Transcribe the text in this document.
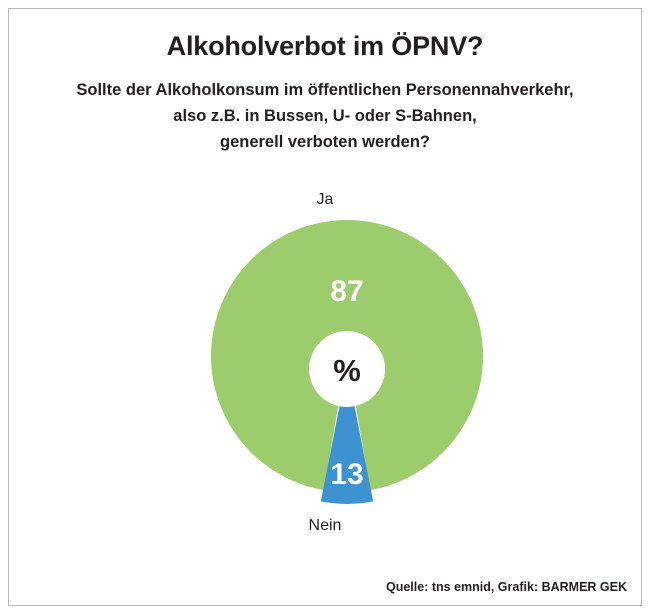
Alkoholverbot im ÖPNV?
Sollte der Alkoholkonsum im öffentlichen Personennahverkehr,
also z.B. in Bussen, U- oder S-Bahnen,
generell verboten werden?
Ja
%
87
13
Nein
Quelle: tns emnid, Grafik: BARMER GEK
